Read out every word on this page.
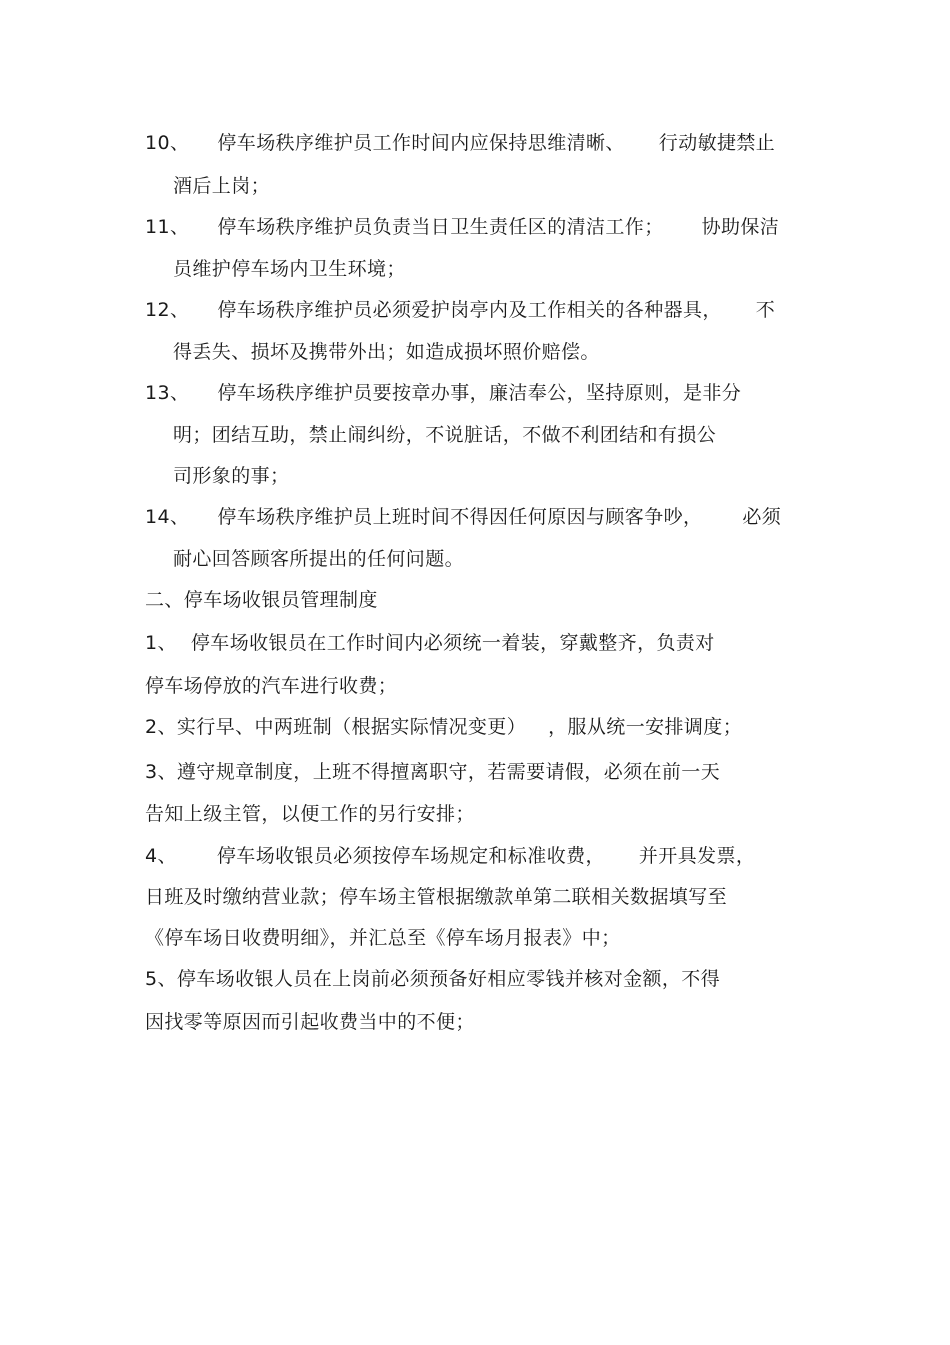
10、 停车场秩序维护员工作时间内应保持思维清晰、 行动敏捷禁止
酒后上岗；
11、 停车场秩序维护员负责当日卫生责任区的清洁工作； 协助保洁
员维护停车场内卫生环境；
12、 停车场秩序维护员必须爱护岗亭内及工作相关的各种器具， 不
得丢失、损坏及携带外出；如造成损坏照价赔偿。
13、 停车场秩序维护员要按章办事，廉洁奉公，坚持原则，是非分
明；团结互助，禁止闹纠纷，不说脏话，不做不利团结和有损公
司形象的事；
14、 停车场秩序维护员上班时间不得因任何原因与顾客争吵， 必须
耐心回答顾客所提出的任何问题。
二、停车场收银员管理制度
1、 停车场收银员在工作时间内必须统一着装，穿戴整齐，负责对
停车场停放的汽车进行收费；
2、实行早、中两班制（根据实际情况变更） ，服从统一安排调度；
3、遵守规章制度，上班不得擅离职守，若需要请假，必须在前一天
告知上级主管，以便工作的另行安排；
4、 停车场收银员必须按停车场规定和标准收费， 并开具发票，
日班及时缴纳营业款；停车场主管根据缴款单第二联相关数据填写至
《停车场日收费明细》，并汇总至《停车场月报表》中；
5、停车场收银人员在上岗前必须预备好相应零钱并核对金额，不得
因找零等原因而引起收费当中的不便；
